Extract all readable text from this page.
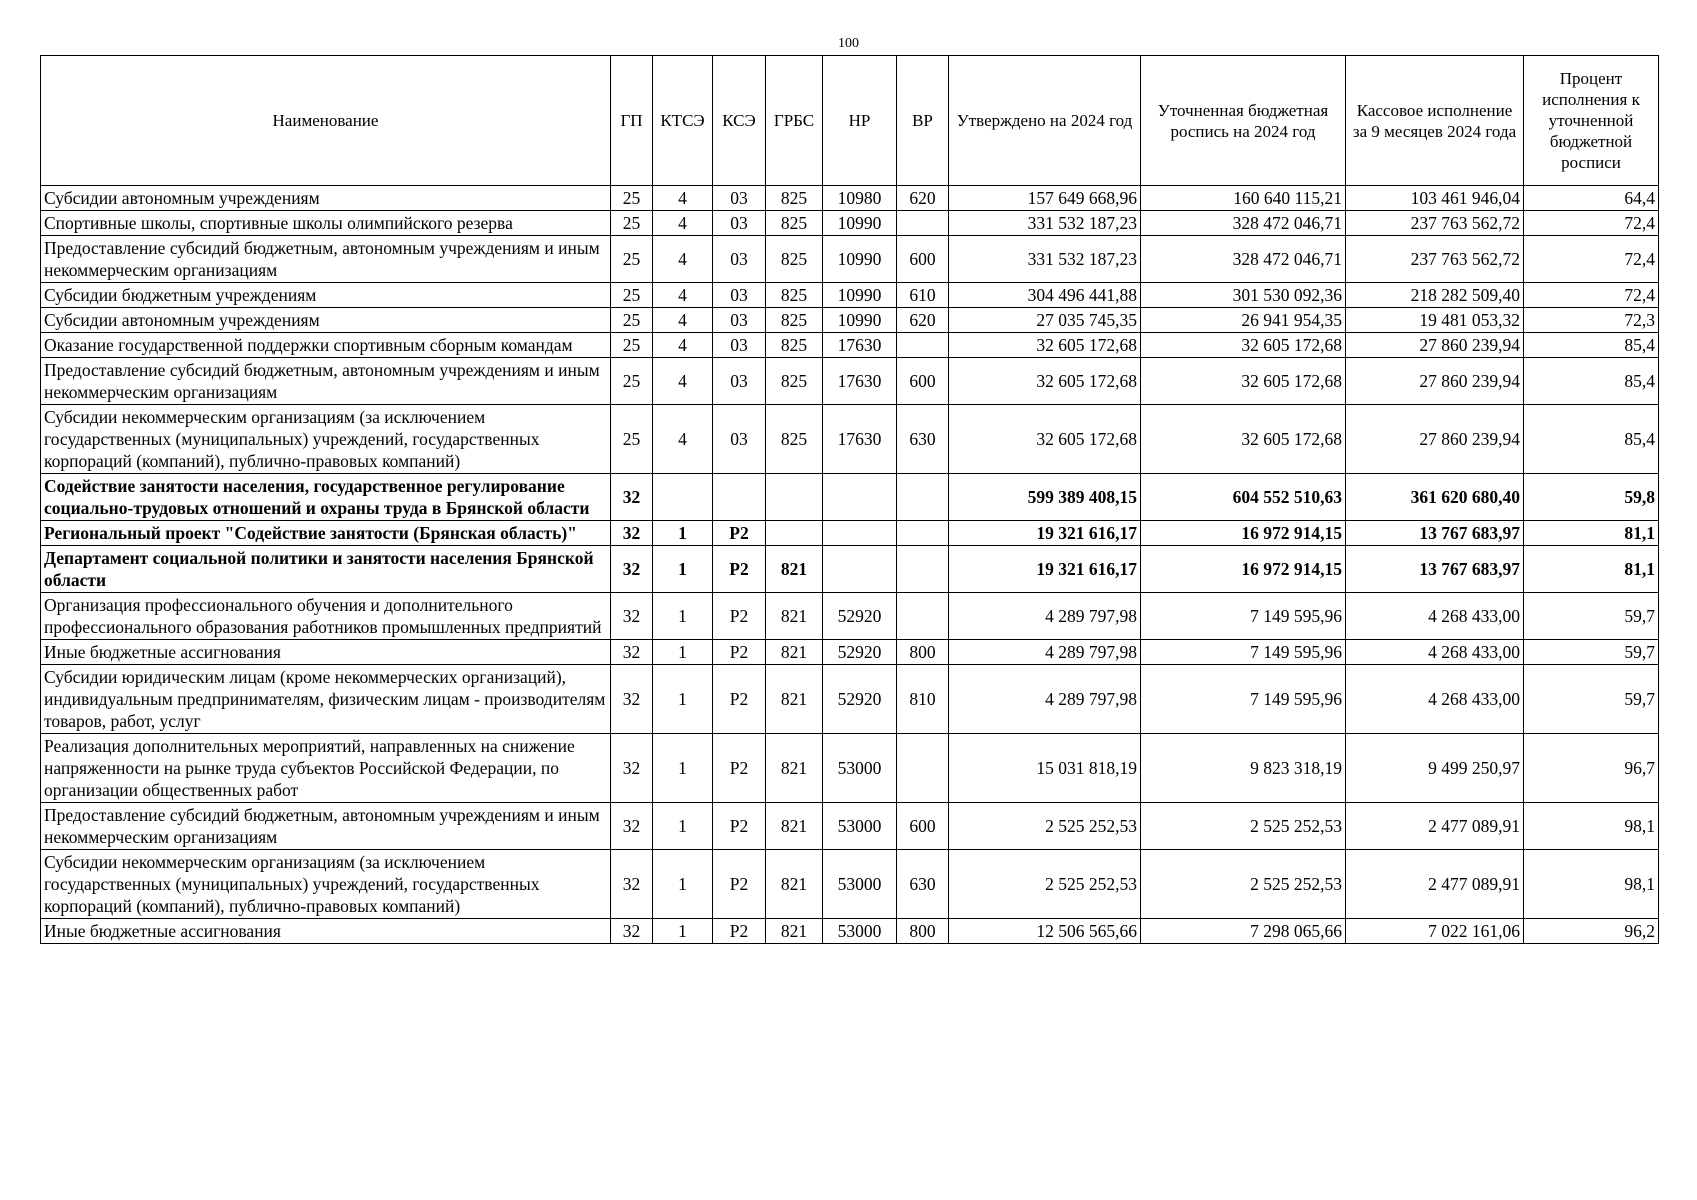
100
Наименование	ГП	КТСЭ	КСЭ	ГРБС	НР	ВР	Утверждено на 2024 год	Уточненная бюджетная роспись на 2024 год	Кассовое исполнение за 9 месяцев 2024 года	Процент исполнения к уточненной бюджетной росписи
Субсидии автономным учреждениям	25	4	03	825	10980	620	157 649 668,96	160 640 115,21	103 461 946,04	64,4
Спортивные школы, спортивные школы олимпийского резерва	25	4	03	825	10990		331 532 187,23	328 472 046,71	237 763 562,72	72,4
Предоставление субсидий бюджетным, автономным учреждениям и иным некоммерческим организациям	25	4	03	825	10990	600	331 532 187,23	328 472 046,71	237 763 562,72	72,4
Субсидии бюджетным учреждениям	25	4	03	825	10990	610	304 496 441,88	301 530 092,36	218 282 509,40	72,4
Субсидии автономным учреждениям	25	4	03	825	10990	620	27 035 745,35	26 941 954,35	19 481 053,32	72,3
Оказание государственной поддержки спортивным сборным командам	25	4	03	825	17630		32 605 172,68	32 605 172,68	27 860 239,94	85,4
Предоставление субсидий бюджетным, автономным учреждениям и иным некоммерческим организациям	25	4	03	825	17630	600	32 605 172,68	32 605 172,68	27 860 239,94	85,4
Субсидии некоммерческим организациям (за исключением государственных (муниципальных) учреждений, государственных корпораций (компаний), публично-правовых компаний)	25	4	03	825	17630	630	32 605 172,68	32 605 172,68	27 860 239,94	85,4
Содействие занятости населения, государственное регулирование социально-трудовых отношений и охраны труда в Брянской области	32						599 389 408,15	604 552 510,63	361 620 680,40	59,8
Региональный проект "Содействие занятости (Брянская область)"	32	1	Р2				19 321 616,17	16 972 914,15	13 767 683,97	81,1
Департамент социальной политики и занятости населения Брянской области	32	1	Р2	821			19 321 616,17	16 972 914,15	13 767 683,97	81,1
Организация профессионального обучения и дополнительного профессионального образования работников промышленных предприятий	32	1	Р2	821	52920		4 289 797,98	7 149 595,96	4 268 433,00	59,7
Иные бюджетные ассигнования	32	1	Р2	821	52920	800	4 289 797,98	7 149 595,96	4 268 433,00	59,7
Субсидии юридическим лицам (кроме некоммерческих организаций), индивидуальным предпринимателям, физическим лицам - производителям товаров, работ, услуг	32	1	Р2	821	52920	810	4 289 797,98	7 149 595,96	4 268 433,00	59,7
Реализация дополнительных мероприятий, направленных на снижение напряженности на рынке труда субъектов Российской Федерации, по организации общественных работ	32	1	Р2	821	53000		15 031 818,19	9 823 318,19	9 499 250,97	96,7
Предоставление субсидий бюджетным, автономным учреждениям и иным некоммерческим организациям	32	1	Р2	821	53000	600	2 525 252,53	2 525 252,53	2 477 089,91	98,1
Субсидии некоммерческим организациям (за исключением государственных (муниципальных) учреждений, государственных корпораций (компаний), публично-правовых компаний)	32	1	Р2	821	53000	630	2 525 252,53	2 525 252,53	2 477 089,91	98,1
Иные бюджетные ассигнования	32	1	Р2	821	53000	800	12 506 565,66	7 298 065,66	7 022 161,06	96,2
